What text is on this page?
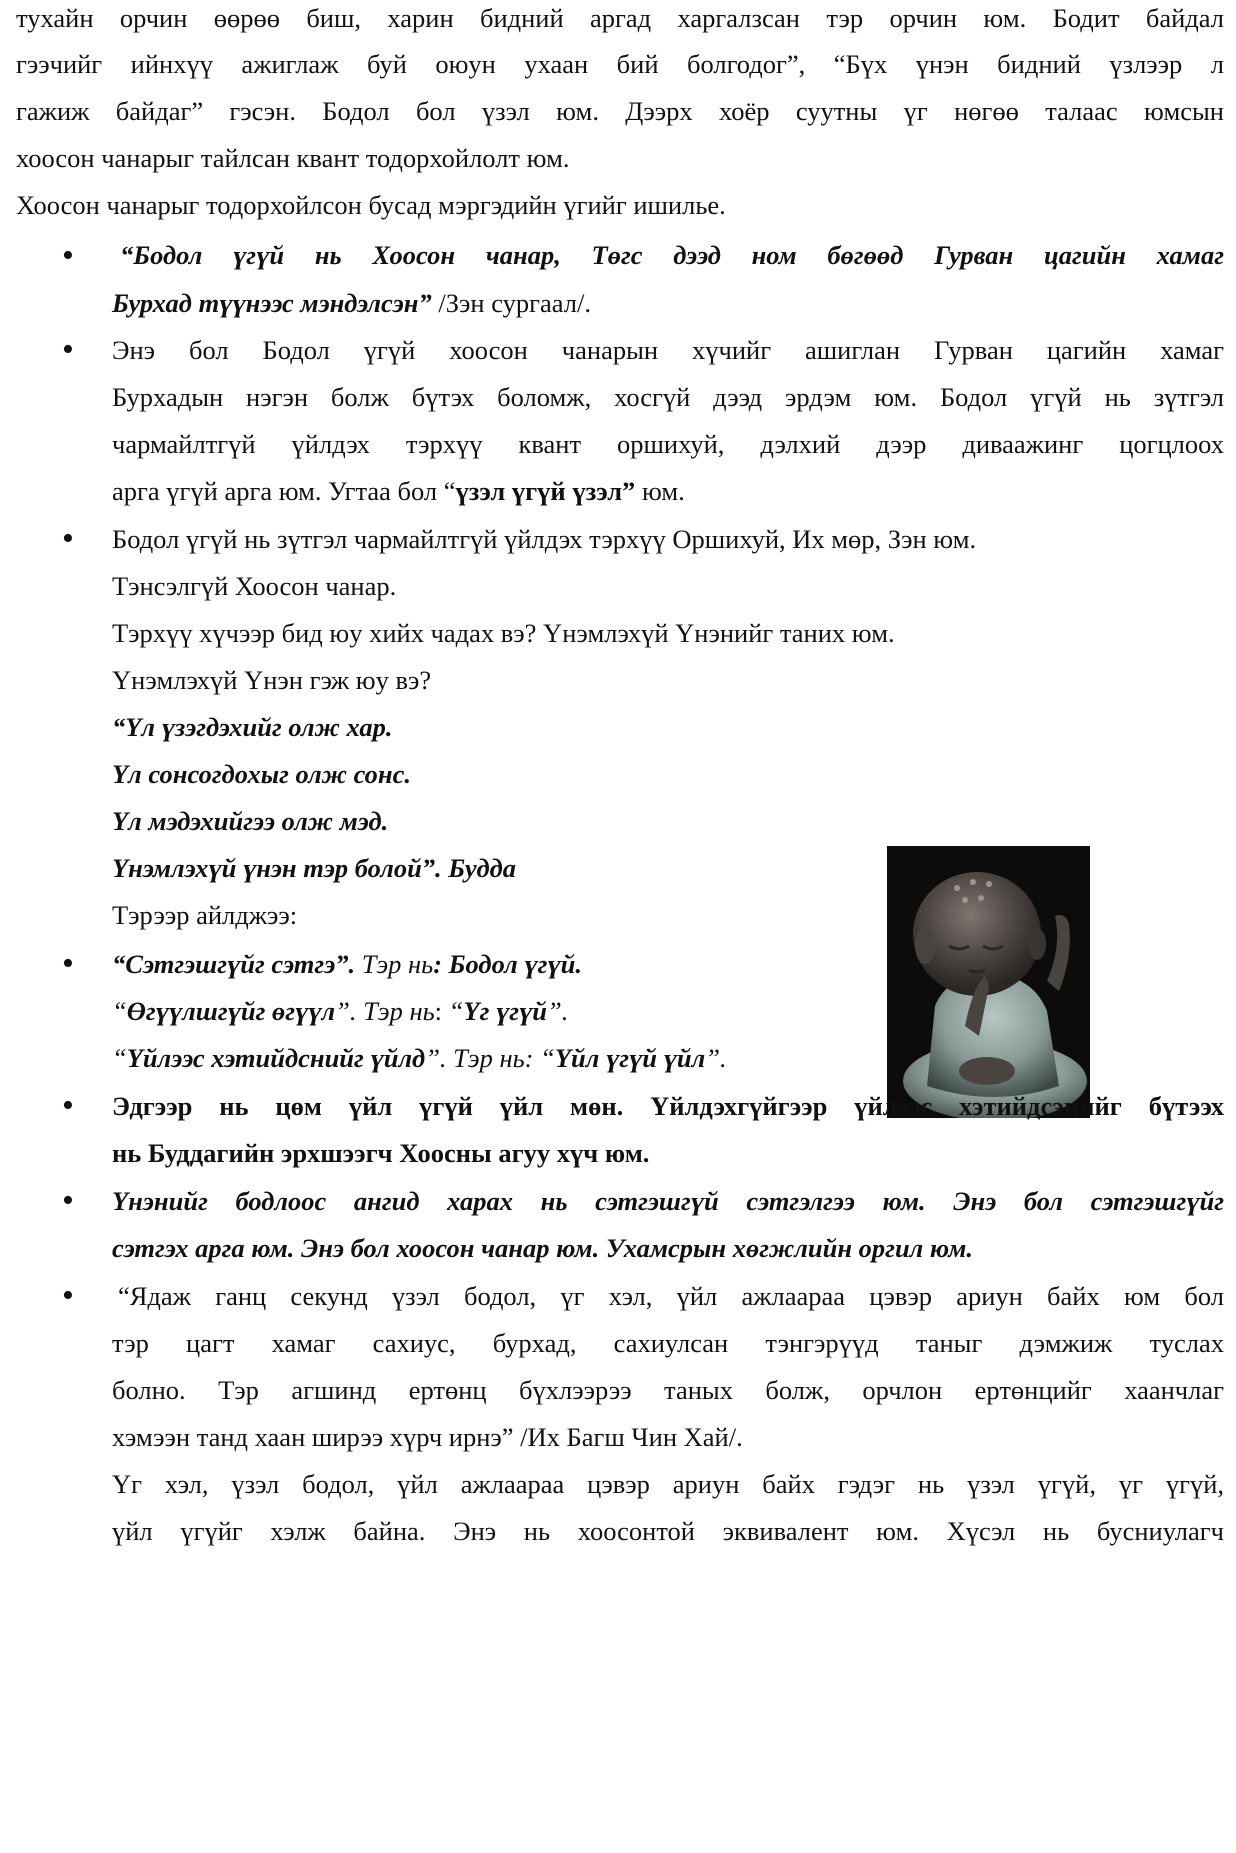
тухайн орчин өөрөө биш, харин бидний аргад харгалзсан тэр орчин юм. Бодит байдал
гээчийг ийнхүү ажиглаж буй оюун ухаан бий болгодог”, “Бүх үнэн бидний үзлээр л
гажиж байдаг” гэсэн. Бодол бол үзэл юм. Дээрх хоёр суутны үг нөгөө талаас юмсын
хоосон чанарыг тайлсан квант тодорхойлолт юм.
Хоосон чанарыг тодорхойлсон бусад мэргэдийн үгийг ишилье.
•
“Бодол үгүй нь Хоосон чанар, Төгс дээд ном бөгөөд Гурван цагийн хамаг
Бурхад түүнээс мэндэлсэн” /Зэн сургаал/.
•
Энэ бол Бодол үгүй хоосон чанарын хүчийг ашиглан Гурван цагийн хамаг
Бурхадын нэгэн болж бүтэх боломж, хосгүй дээд эрдэм юм. Бодол үгүй нь зүтгэл
чармайлтгүй үйлдэх тэрхүү квант оршихуй, дэлхий дээр диваажинг цогцлоох
арга үгүй арга юм. Угтаа бол “үзэл үгүй үзэл” юм.
•
Бодол үгүй нь зүтгэл чармайлтгүй үйлдэх тэрхүү Оршихуй, Их мөр, Зэн юм.
Тэнсэлгүй Хоосон чанар.
Тэрхүү хүчээр бид юу хийх чадах вэ? Үнэмлэхүй Үнэнийг таних юм.
Үнэмлэхүй Үнэн гэж юу вэ?
“Үл үзэгдэхийг олж хар.
Үл сонсогдохыг олж сонс.
Үл мэдэхийгээ олж мэд.
Үнэмлэхүй үнэн тэр болой”. Будда
Тэрээр айлджээ:
•
“Сэтгэшгүйг сэтгэ”. Тэр нь: Бодол үгүй.
“Өгүүлшгүйг өгүүл”. Тэр нь: “Үг үгүй”.
“Үйлээс хэтийдснийг үйлд”. Тэр нь: “Үйл үгүй үйл”.
•
Эдгээр нь цөм үйл үгүй үйл мөн. Үйлдэхгүйгээр үйлээс хэтийдсэнийг бүтээх
нь Буддагийн эрхшээгч Хоосны агуу хүч юм.
•
Үнэнийг бодлоос ангид харах нь сэтгэшгүй сэтгэлгээ юм. Энэ бол сэтгэшгүйг
сэтгэх арга юм. Энэ бол хоосон чанар юм. Ухамсрын хөгжлийн оргил юм.
•
“Ядаж ганц секунд үзэл бодол, үг хэл, үйл ажлаараа цэвэр ариун байх юм бол
тэр цагт хамаг сахиус, бурхад, сахиулсан тэнгэрүүд таныг дэмжиж туслах
болно. Тэр агшинд ертөнц бүхлээрээ таных болж, орчлон ертөнцийг хаанчлаг
хэмээн танд хаан ширээ хүрч ирнэ” /Их Багш Чин Хай/.
Үг хэл, үзэл бодол, үйл ажлаараа цэвэр ариун байх гэдэг нь үзэл үгүй, үг үгүй,
үйл үгүйг хэлж байна. Энэ нь хоосонтой эквивалент юм. Хүсэл нь бусниулагч
